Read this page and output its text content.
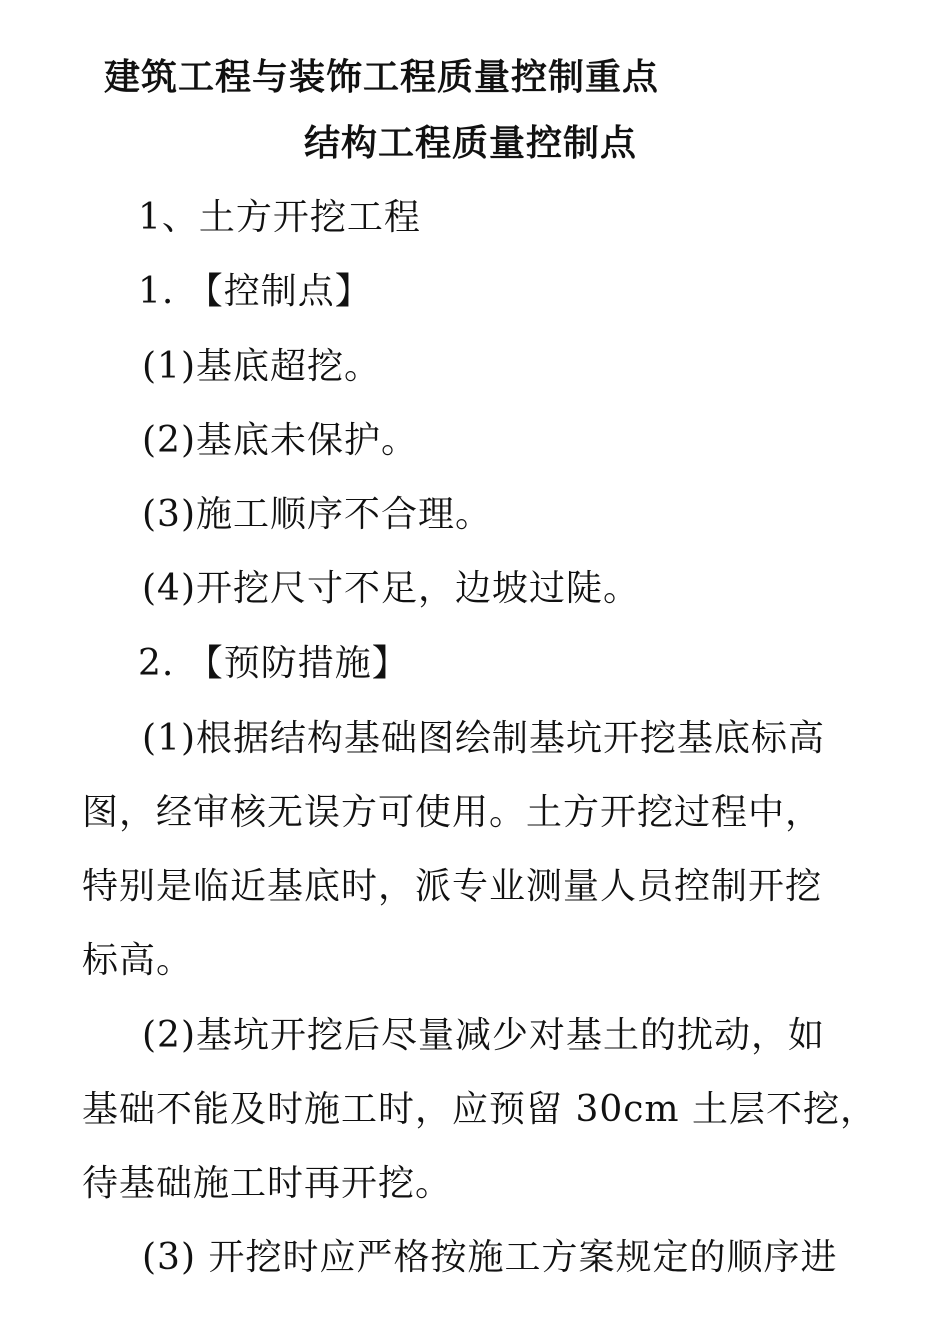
建筑工程与装饰工程质量控制重点
结构工程质量控制点
1、土方开挖工程
1. 【控制点】
(1)基底超挖。
(2)基底未保护。
(3)施工顺序不合理。
(4)开挖尺寸不足，边坡过陡。
2. 【预防措施】
(1)根据结构基础图绘制基坑开挖基底标高
图，经审核无误方可使用。土方开挖过程中，
特别是临近基底时，派专业测量人员控制开挖
标高。
(2)基坑开挖后尽量减少对基土的扰动，如
基础不能及时施工时，应预留 30cm 土层不挖，
待基础施工时再开挖。
(3) 开挖时应严格按施工方案规定的顺序进
